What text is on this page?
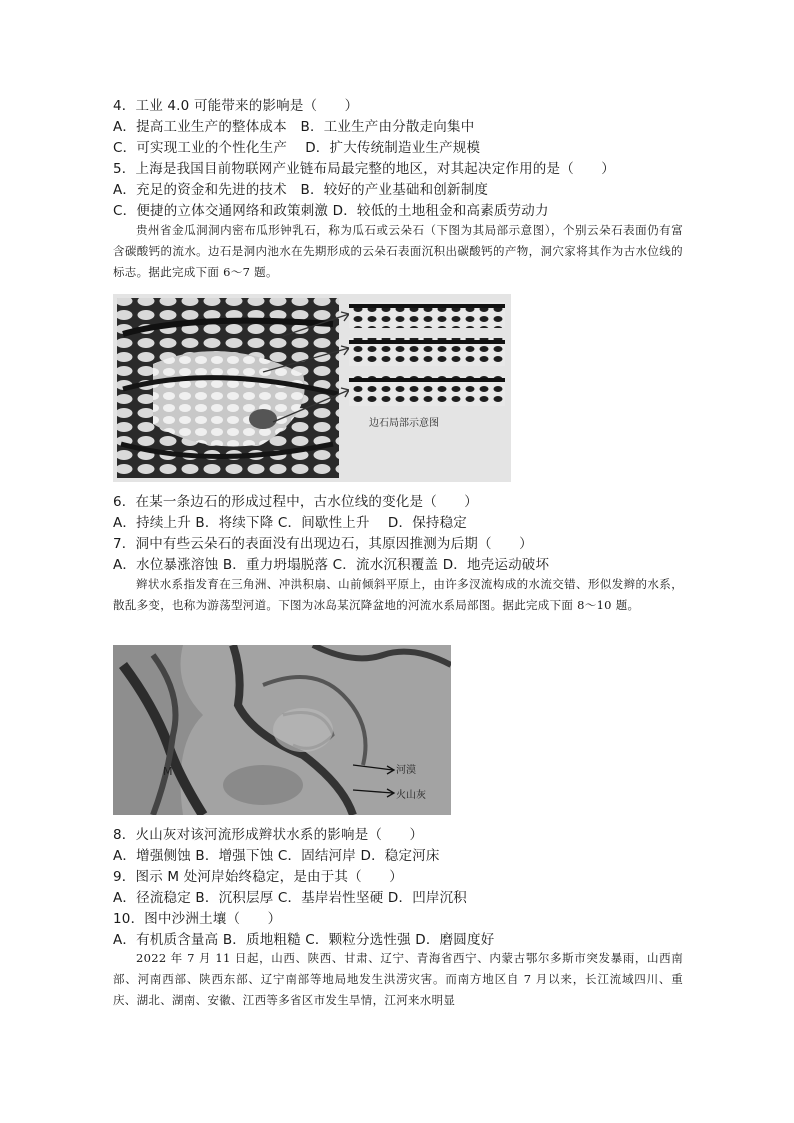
4．工业 4.0 可能带来的影响是（　　）
A．提高工业生产的整体成本　B．工业生产由分散走向集中
C．可实现工业的个性化生产　 D．扩大传统制造业生产规模
5．上海是我国目前物联网产业链布局最完整的地区，对其起决定作用的是（　　）
A．充足的资金和先进的技术　B．较好的产业基础和创新制度
C．便捷的立体交通网络和政策刺激 D．较低的土地租金和高素质劳动力

贵州省金瓜洞洞内密布瓜形钟乳石，称为瓜石或云朵石（下图为其局部示意图），个别云朵石表面仍有富含碳酸钙的流水。边石是洞内池水在先期形成的云朵石表面沉积出碳酸钙的产物，洞穴家将其作为古水位线的标志。据此完成下面 6～7 题。

边石局部示意图
6．在某一条边石的形成过程中，古水位线的变化是（　　）
A．持续上升 B．将续下降 C．间歇性上升　 D．保持稳定
7．洞中有些云朵石的表面没有出现边石，其原因推测为后期（　　）
A．水位暴涨溶蚀 B．重力坍塌脱落 C．流水沉积覆盖 D．地壳运动破坏

辫状水系指发育在三角洲、冲洪积扇、山前倾斜平原上，由许多汊流构成的水流交错、形似发辫的水系，散乱多变，也称为游荡型河道。下图为冰岛某沉降盆地的河流水系局部图。据此完成下面 8～10 题。

M	河漠
火山灰
8．火山灰对该河流形成辫状水系的影响是（　　）
A．增强侧蚀 B．增强下蚀 C．固结河岸 D．稳定河床
9．图示 M 处河岸始终稳定，是由于其（　　）
A．径流稳定 B．沉积层厚 C．基岸岩性坚硬 D．凹岸沉积
10．图中沙洲土壤（　　）
A．有机质含量高 B．质地粗糙 C．颗粒分选性强 D．磨圆度好

2022 年 7 月 11 日起，山西、陕西、甘肃、辽宁、青海省西宁、内蒙古鄂尔多斯市突发暴雨，山西南部、河南西部、陕西东部、辽宁南部等地局地发生洪涝灾害。而南方地区自 7 月以来，长江流域四川、重庆、湖北、湖南、安徽、江西等多省区市发生旱情，江河来水明显
